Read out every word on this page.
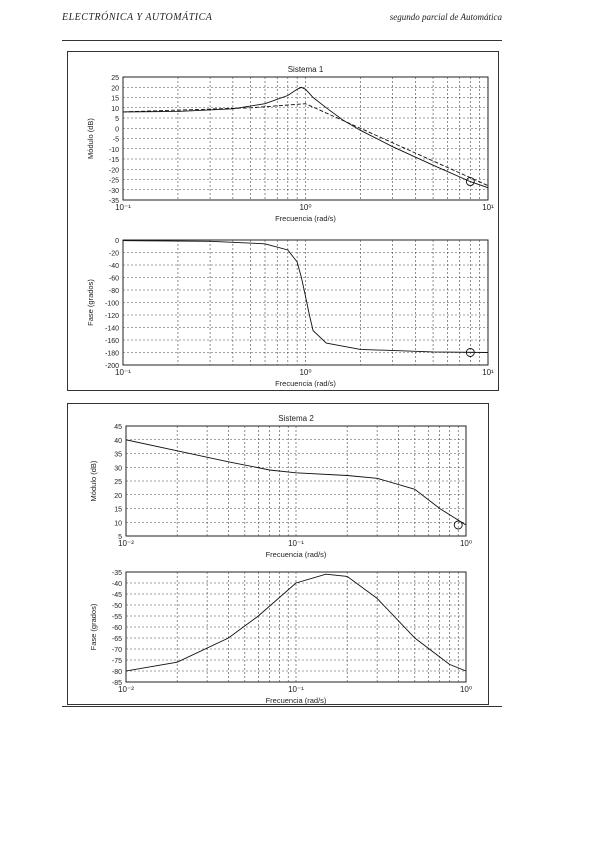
ELECTRÓNICA Y AUTOMÁTICA	segundo parcial de Automática
25
20
15
10
5
0
-5
-10
-15
-20
-25
-30
-35
10⁻¹	10⁰	10¹
Sistema 1
Frecuencia (rad/s)
Módulo (dB)
0
-20
-40
-60
-80
-100
-120
-140
-160
-180
-200
10⁻¹	10⁰	10¹
Frecuencia (rad/s)
Fase (grados)
45
40
35
30
25
20
15
10
5
10⁻²	10⁻¹	10⁰
Sistema 2
Frecuencia (rad/s)
Módulo (dB)
-35
-40
-45
-50
-55
-60
-65
-70
-75
-80
-85
10⁻²	10⁻¹	10⁰
Frecuencia (rad/s)
Fase (grados)
